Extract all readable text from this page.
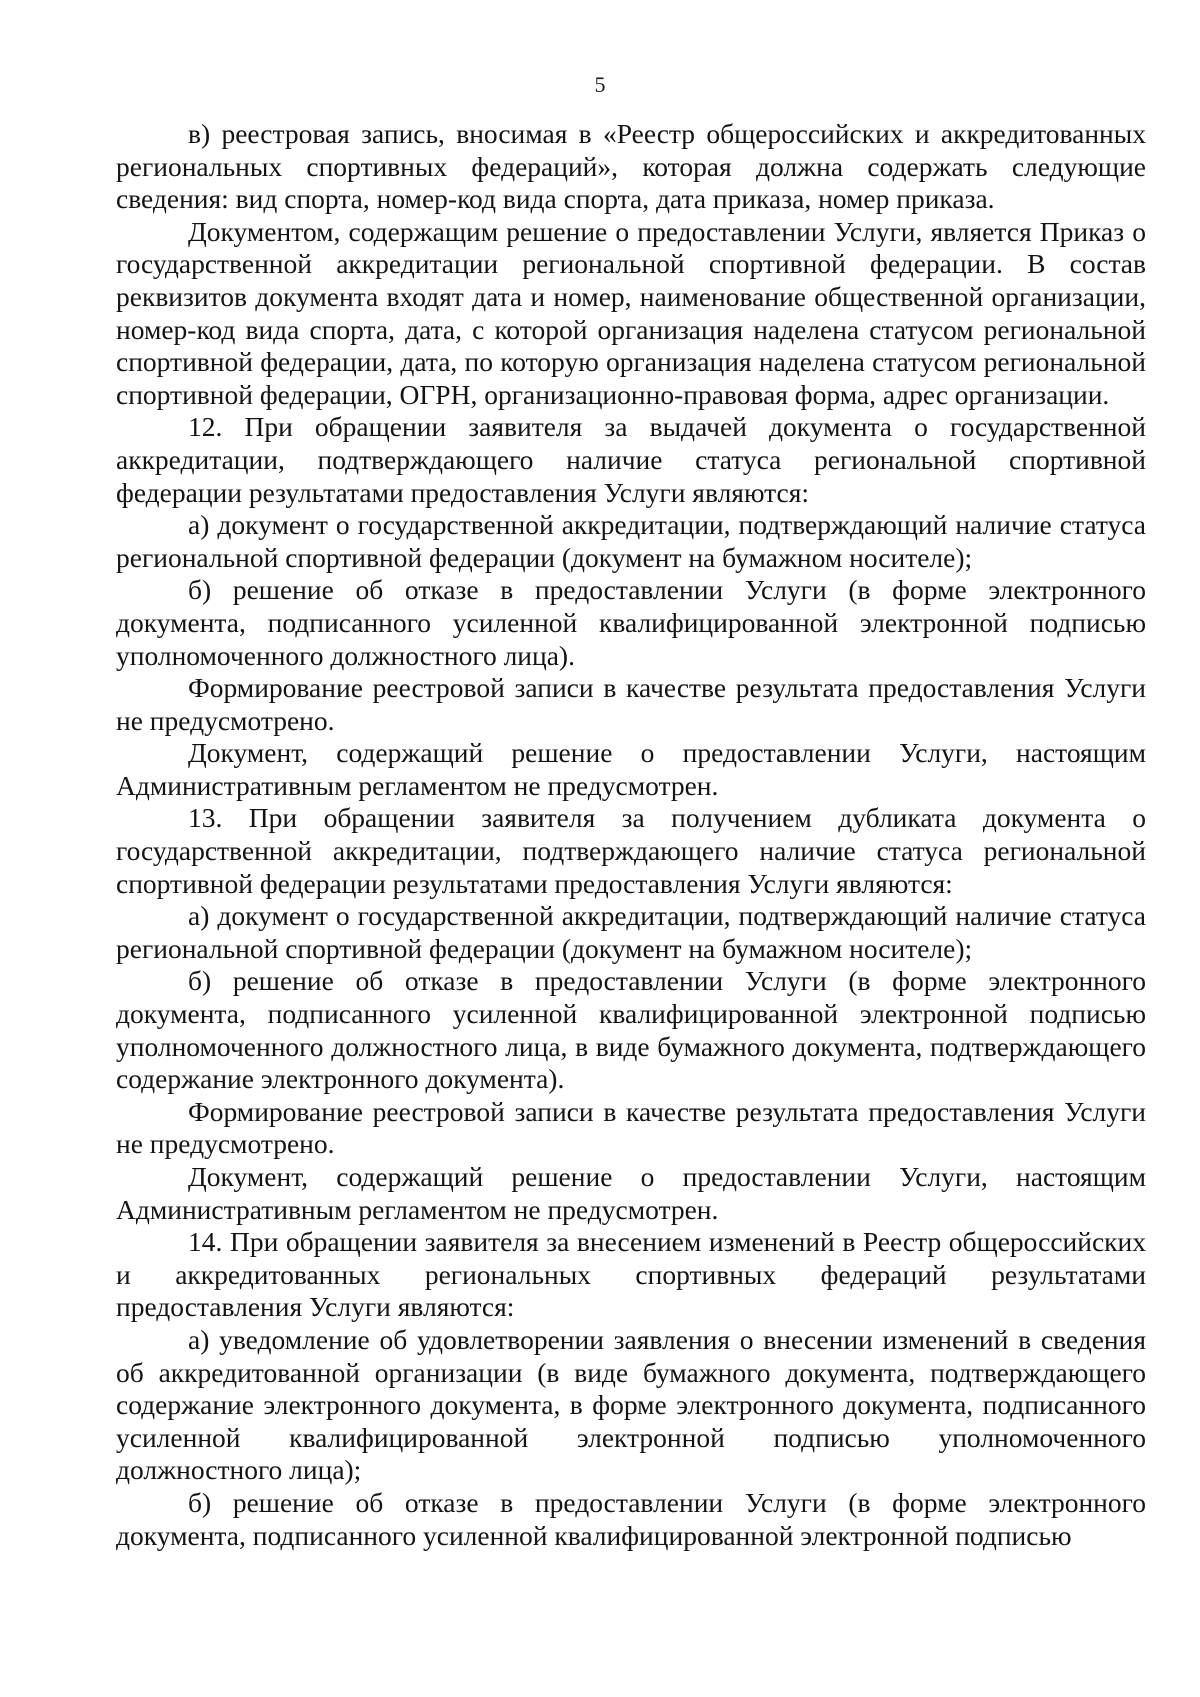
5

в) реестровая запись, вносимая в «Реестр общероссийских и аккредитованных региональных спортивных федераций», которая должна содержать следующие сведения: вид спорта, номер-код вида спорта, дата приказа, номер приказа.

Документом, содержащим решение о предоставлении Услуги, является Приказ о государственной аккредитации региональной спортивной федерации. В состав реквизитов документа входят дата и номер, наименование общественной организации, номер-код вида спорта, дата, с которой организация наделена статусом региональной спортивной федерации, дата, по которую организация наделена статусом региональной спортивной федерации, ОГРН, организационно-правовая форма, адрес организации.

12. При обращении заявителя за выдачей документа о государственной аккредитации, подтверждающего наличие статуса региональной спортивной федерации результатами предоставления Услуги являются:

а) документ о государственной аккредитации, подтверждающий наличие статуса региональной спортивной федерации (документ на бумажном носителе);

б) решение об отказе в предоставлении Услуги (в форме электронного документа, подписанного усиленной квалифицированной электронной подписью уполномоченного должностного лица).

Формирование реестровой записи в качестве результата предоставления Услуги не предусмотрено.

Документ, содержащий решение о предоставлении Услуги, настоящим Административным регламентом не предусмотрен.

13. При обращении заявителя за получением дубликата документа о государственной аккредитации, подтверждающего наличие статуса региональной спортивной федерации результатами предоставления Услуги являются:

а) документ о государственной аккредитации, подтверждающий наличие статуса региональной спортивной федерации (документ на бумажном носителе);

б) решение об отказе в предоставлении Услуги (в форме электронного документа, подписанного усиленной квалифицированной электронной подписью уполномоченного должностного лица, в виде бумажного документа, подтверждающего содержание электронного документа).

Формирование реестровой записи в качестве результата предоставления Услуги не предусмотрено.

Документ, содержащий решение о предоставлении Услуги, настоящим Административным регламентом не предусмотрен.

14. При обращении заявителя за внесением изменений в Реестр общероссийских и аккредитованных региональных спортивных федераций результатами предоставления Услуги являются:

а) уведомление об удовлетворении заявления о внесении изменений в сведения об аккредитованной организации (в виде бумажного документа, подтверждающего содержание электронного документа, в форме электронного документа, подписанного усиленной квалифицированной электронной подписью уполномоченного должностного лица);

б) решение об отказе в предоставлении Услуги (в форме электронного документа, подписанного усиленной квалифицированной электронной подписью
